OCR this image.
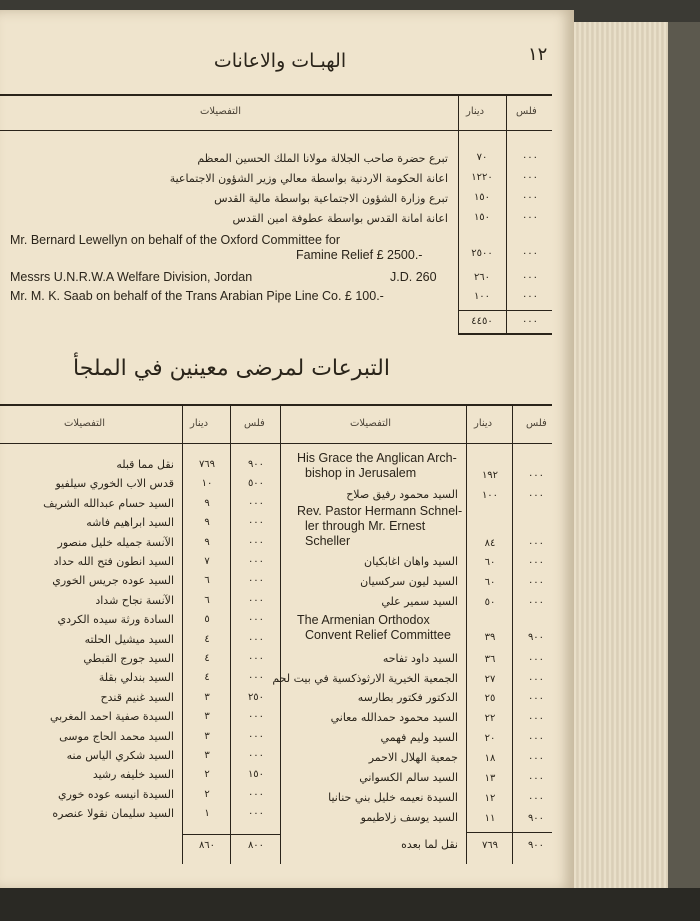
١٢
الهبـات والاعانات
فلس
دينار
التفصيلات
التبرعات لمرضى معينين في الملجأ
التفصيلات	دينار	فلس	التفصيلات	دينار	فلس
تبرع حضرة صاحب الجلالة مولانا الملك الحسين المعظم	٧٠	٠٠٠
اعانة الحكومة الاردنية بواسطة معالي وزير الشؤون الاجتماعية	١٢٢٠	٠٠٠
تبرع وزارة الشؤون الاجتماعية بواسطة مالية القدس	١٥٠	٠٠٠
اعانة امانة القدس بواسطة عطوفة امين القدس	١٥٠	٠٠٠
Mr. Bernard Lewellyn on behalf of the Oxford Committee for
Famine Relief £ 2500.-	٢٥٠٠	٠٠٠
Messrs U.N.R.W.A Welfare Division, Jordan	J.D. 260	٢٦٠	٠٠٠
Mr. M. K. Saab on behalf of the Trans Arabian Pipe Line Co. £ 100.-	١٠٠	٠٠٠
٤٤٥٠	٠٠٠
His Grace the Anglican Arch-
bishop in Jerusalem	١٩٢	٠٠٠
السيد محمود رفيق صلاح	١٠٠	٠٠٠
Rev. Pastor Hermann Schnel-
ler through Mr. Ernest
Scheller	٨٤	٠٠٠
السيد واهان اغابكيان	٦٠	٠٠٠
السيد ليون سركسيان	٦٠	٠٠٠
السيد سمير علي	٥٠	٠٠٠
The Armenian Orthodox
Convent Relief Committee	٣٩	٩٠٠
السيد داود تفاحه	٣٦	٠٠٠
الجمعية الخيرية الارثوذكسية في بيت لحم	٢٧	٠٠٠
الدكتور فكتور بطارسه	٢٥	٠٠٠
السيد محمود حمدالله معاني	٢٢	٠٠٠
السيد وليم فهمي	٢٠	٠٠٠
جمعية الهلال الاحمر	١٨	٠٠٠
السيد سالم الكسواني	١٣	٠٠٠
السيدة نعيمه خليل بني حنانيا	١٢	٠٠٠
السيد يوسف زلاطيمو	١١	٩٠٠
نقل لما بعده	٧٦٩	٩٠٠
نقل مما قبله	٧٦٩	٩٠٠
قدس الاب الخوري سيلفيو	١٠	٥٠٠
السيد حسام عبدالله الشريف	٩	٠٠٠
السيد ابراهيم فاشه	٩	٠٠٠
الآنسة جميله خليل منصور	٩	٠٠٠
السيد انطون فتح الله حداد	٧	٠٠٠
السيد عوده جريس الخوري	٦	٠٠٠
الآنسة نجاح شداد	٦	٠٠٠
السادة ورثة سيده الكردي	٥	٠٠٠
السيد ميشيل الحلته	٤	٠٠٠
السيد جورج القبطي	٤	٠٠٠
السيد بندلي بقلة	٤	٠٠٠
السيد غنيم قندح	٣	٢٥٠
السيدة صفية احمد المغربي	٣	٠٠٠
السيد محمد الحاج موسى	٣	٠٠٠
السيد شكري الياس منه	٣	٠٠٠
السيد خليفه رشيد	٢	١٥٠
السيدة انيسه عوده خوري	٢	٠٠٠
السيد سليمان نقولا عنصره	١	٠٠٠
٨٦٠	٨٠٠
